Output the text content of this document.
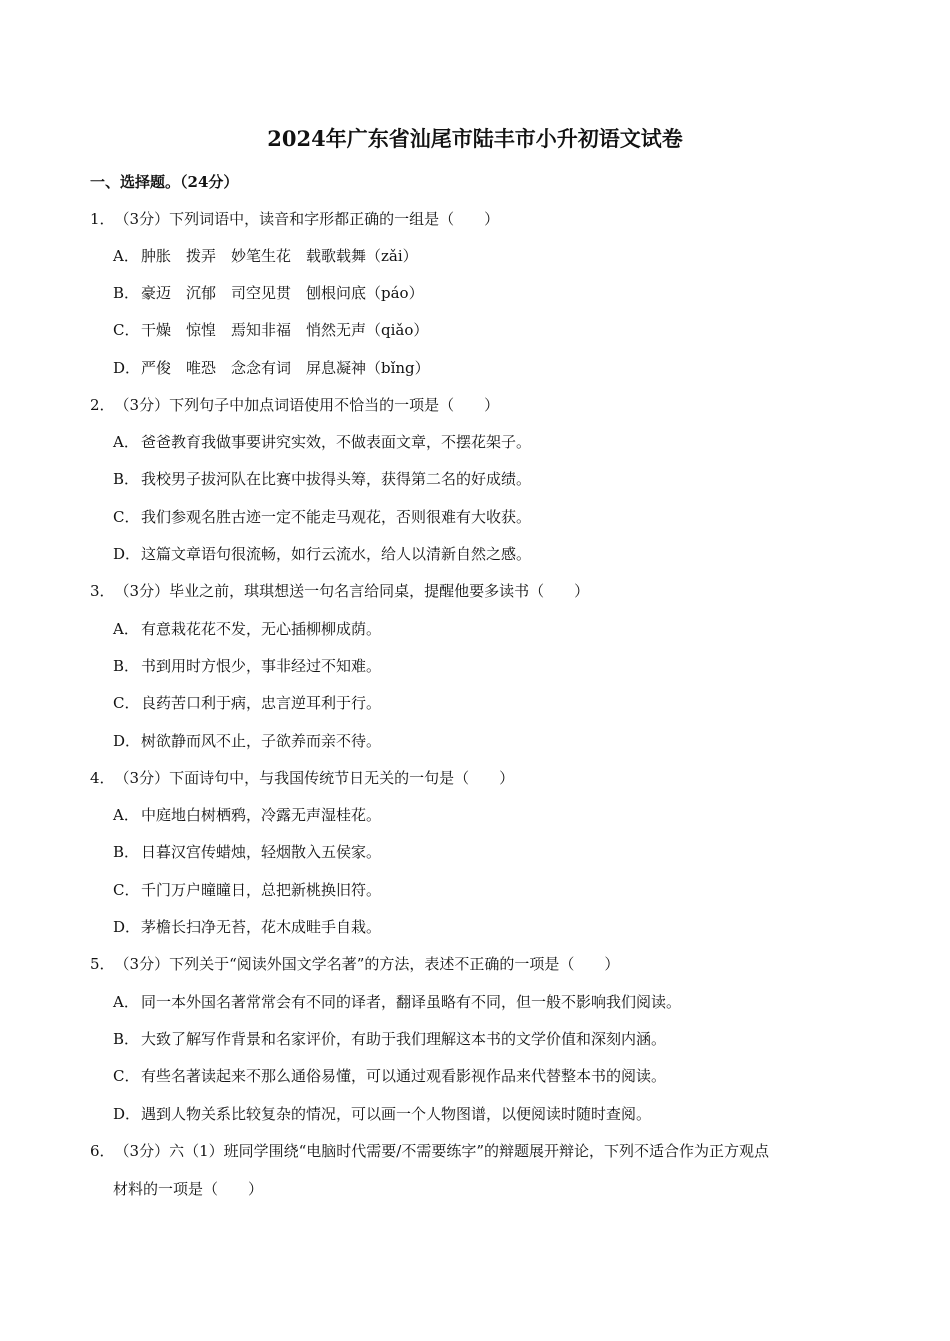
2024年广东省汕尾市陆丰市小升初语文试卷
一、选择题。（24分）
1．（3分）下列词语中，读音和字形都正确的一组是（　　）
A． 肿胀　拨弄　妙笔生花　载歌载舞（zǎi）
B． 豪迈　沉郁　司空见贯　刨根问底（páo）
C． 干燥　惊惶　焉知非福　悄然无声（qiǎo）
D．严俊　唯恐　念念有词　屏息凝神（bǐng）
2．（3分）下列句子中加点词语使用不恰当的一项是（　　）
A． 爸爸教育我做事要讲究实效，不做表面文章，不摆花架子。
B． 我校男子拔河队在比赛中拔得头筹，获得第二名的好成绩。
C． 我们参观名胜古迹一定不能走马观花，否则很难有大收获。
D．这篇文章语句很流畅，如行云流水，给人以清新自然之感。
3．（3分）毕业之前，琪琪想送一句名言给同桌，提醒他要多读书（　　）
A． 有意栽花花不发，无心插柳柳成荫。
B． 书到用时方恨少，事非经过不知难。
C． 良药苦口利于病，忠言逆耳利于行。
D．树欲静而风不止，子欲养而亲不待。
4．（3分）下面诗句中，与我国传统节日无关的一句是（　　）
A． 中庭地白树栖鸦，冷露无声湿桂花。
B． 日暮汉宫传蜡烛，轻烟散入五侯家。
C． 千门万户曈曈日，总把新桃换旧符。
D．茅檐长扫净无苔，花木成畦手自栽。
5．（3分）下列关于“阅读外国文学名著”的方法，表述不正确的一项是（　　）
A． 同一本外国名著常常会有不同的译者，翻译虽略有不同，但一般不影响我们阅读。
B． 大致了解写作背景和名家评价，有助于我们理解这本书的文学价值和深刻内涵。
C． 有些名著读起来不那么通俗易懂，可以通过观看影视作品来代替整本书的阅读。
D．遇到人物关系比较复杂的情况，可以画一个人物图谱，以便阅读时随时查阅。
6．（3分）六（1）班同学围绕“电脑时代需要/不需要练字”的辩题展开辩论，下列不适合作为正方观点
材料的一项是（　　）
